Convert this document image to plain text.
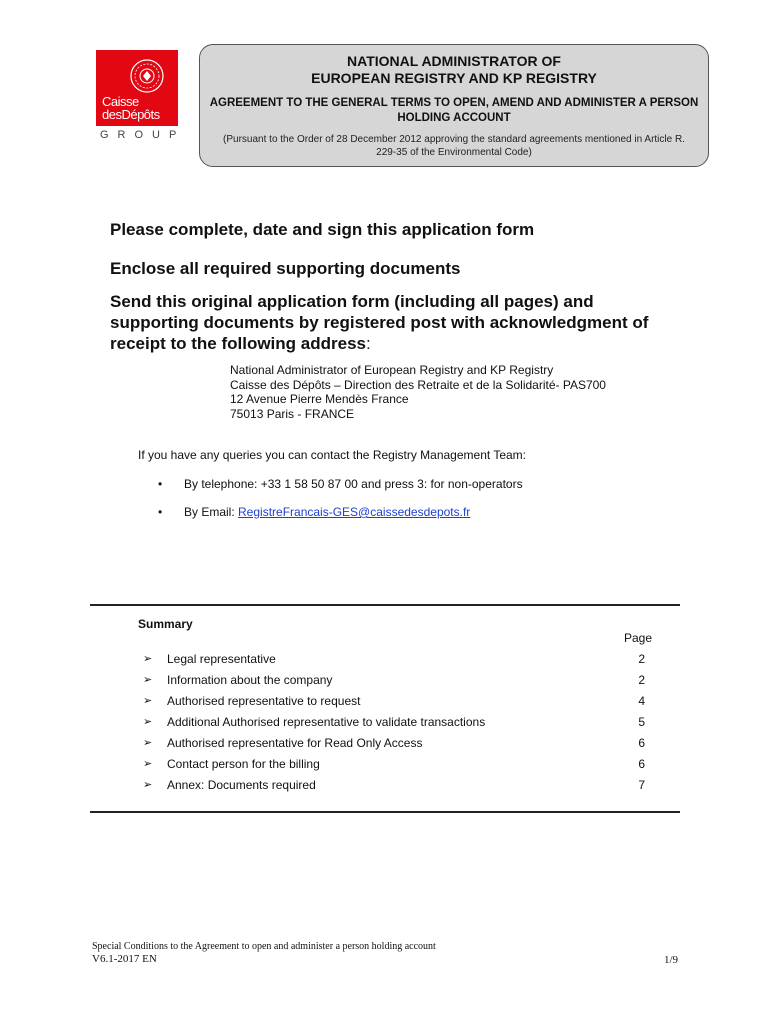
Caisse
desDépôts
GROUP
NATIONAL ADMINISTRATOR OF
EUROPEAN REGISTRY AND KP REGISTRY
AGREEMENT TO THE GENERAL TERMS TO OPEN, AMEND AND ADMINISTER A PERSON HOLDING ACCOUNT
(Pursuant to the Order of 28 December 2012 approving the standard agreements mentioned in Article R. 229-35 of the Environmental Code)
Please complete, date and sign this application form
Enclose all required supporting documents
Send this original application form (including all pages) and supporting documents by registered post with acknowledgment of receipt to the following address:
National Administrator of European Registry and KP Registry
Caisse des Dépôts – Direction des Retraite et de la Solidarité- PAS700
12 Avenue Pierre Mendès France
75013 Paris - FRANCE
If you have any queries you can contact the Registry Management Team:
• By telephone: +33 1 58 50 87 00 and press 3: for non-operators
• By Email: RegistreFrancais-GES@caissedesdepots.fr
Summary
Page
➢ Legal representative	2
➢ Information about the company	2
➢ Authorised representative to request	4
➢ Additional Authorised representative to validate transactions	5
➢ Authorised representative for Read Only Access	6
➢ Contact person for the billing	6
➢ Annex: Documents required	7
Special Conditions to the Agreement to open and administer a person holding account
V6.1-2017 EN	1/9
